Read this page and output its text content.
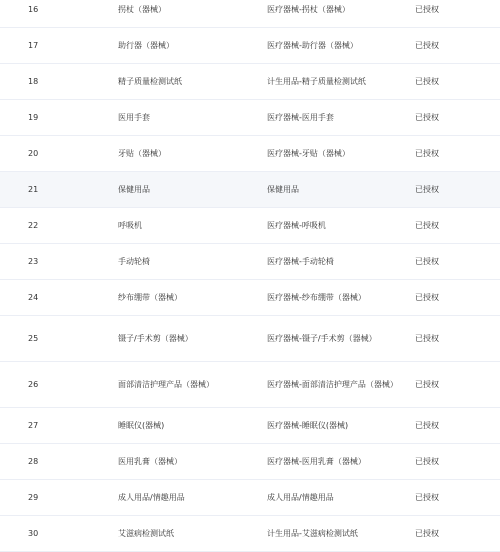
16	拐杖（器械）	医疗器械-拐杖（器械）	已授权
17	助行器（器械）	医疗器械-助行器（器械）	已授权
18	精子质量检测试纸	计生用品-精子质量检测试纸	已授权
19	医用手套	医疗器械-医用手套	已授权
20	牙贴（器械）	医疗器械-牙贴（器械）	已授权
21	保健用品	保健用品	已授权
22	呼吸机	医疗器械-呼吸机	已授权
23	手动轮椅	医疗器械-手动轮椅	已授权
24	纱布绷带（器械）	医疗器械-纱布绷带（器械）	已授权
25	镊子/手术剪（器械）	医疗器械-镊子/手术剪（器械）	已授权
26	面部清洁护理产品（器械）	医疗器械-面部清洁护理产品（器械）	已授权
27	睡眠仪(器械)	医疗器械-睡眠仪(器械)	已授权
28	医用乳膏（器械）	医疗器械-医用乳膏（器械）	已授权
29	成人用品/情趣用品	成人用品/情趣用品	已授权
30	艾滋病检测试纸	计生用品-艾滋病检测试纸	已授权
